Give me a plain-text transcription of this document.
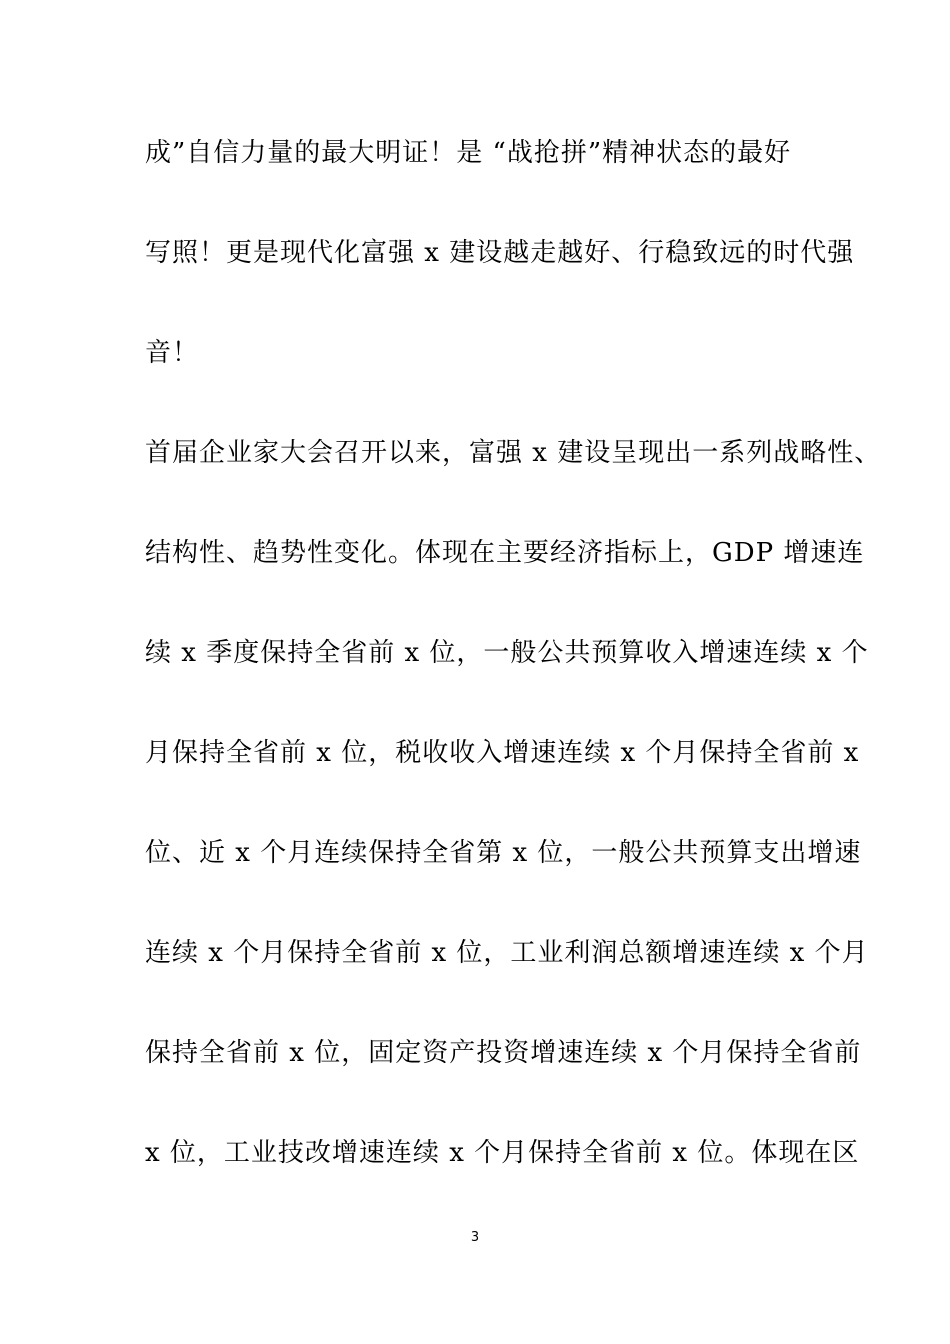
成”自信力量的最大明证！是 “战抢拼”精神状态的最好
写照！更是现代化富强 x 建设越走越好、行稳致远的时代强
音！
首届企业家大会召开以来，富强 x 建设呈现出一系列战略性、
结构性、趋势性变化。体现在主要经济指标上，GDP 增速连
续 x 季度保持全省前 x 位，一般公共预算收入增速连续 x 个
月保持全省前 x 位，税收收入增速连续 x 个月保持全省前 x
位、近 x 个月连续保持全省第 x 位，一般公共预算支出增速
连续 x 个月保持全省前 x 位，工业利润总额增速连续 x 个月
保持全省前 x 位，固定资产投资增速连续 x 个月保持全省前
x 位，工业技改增速连续 x 个月保持全省前 x 位。体现在区
3
